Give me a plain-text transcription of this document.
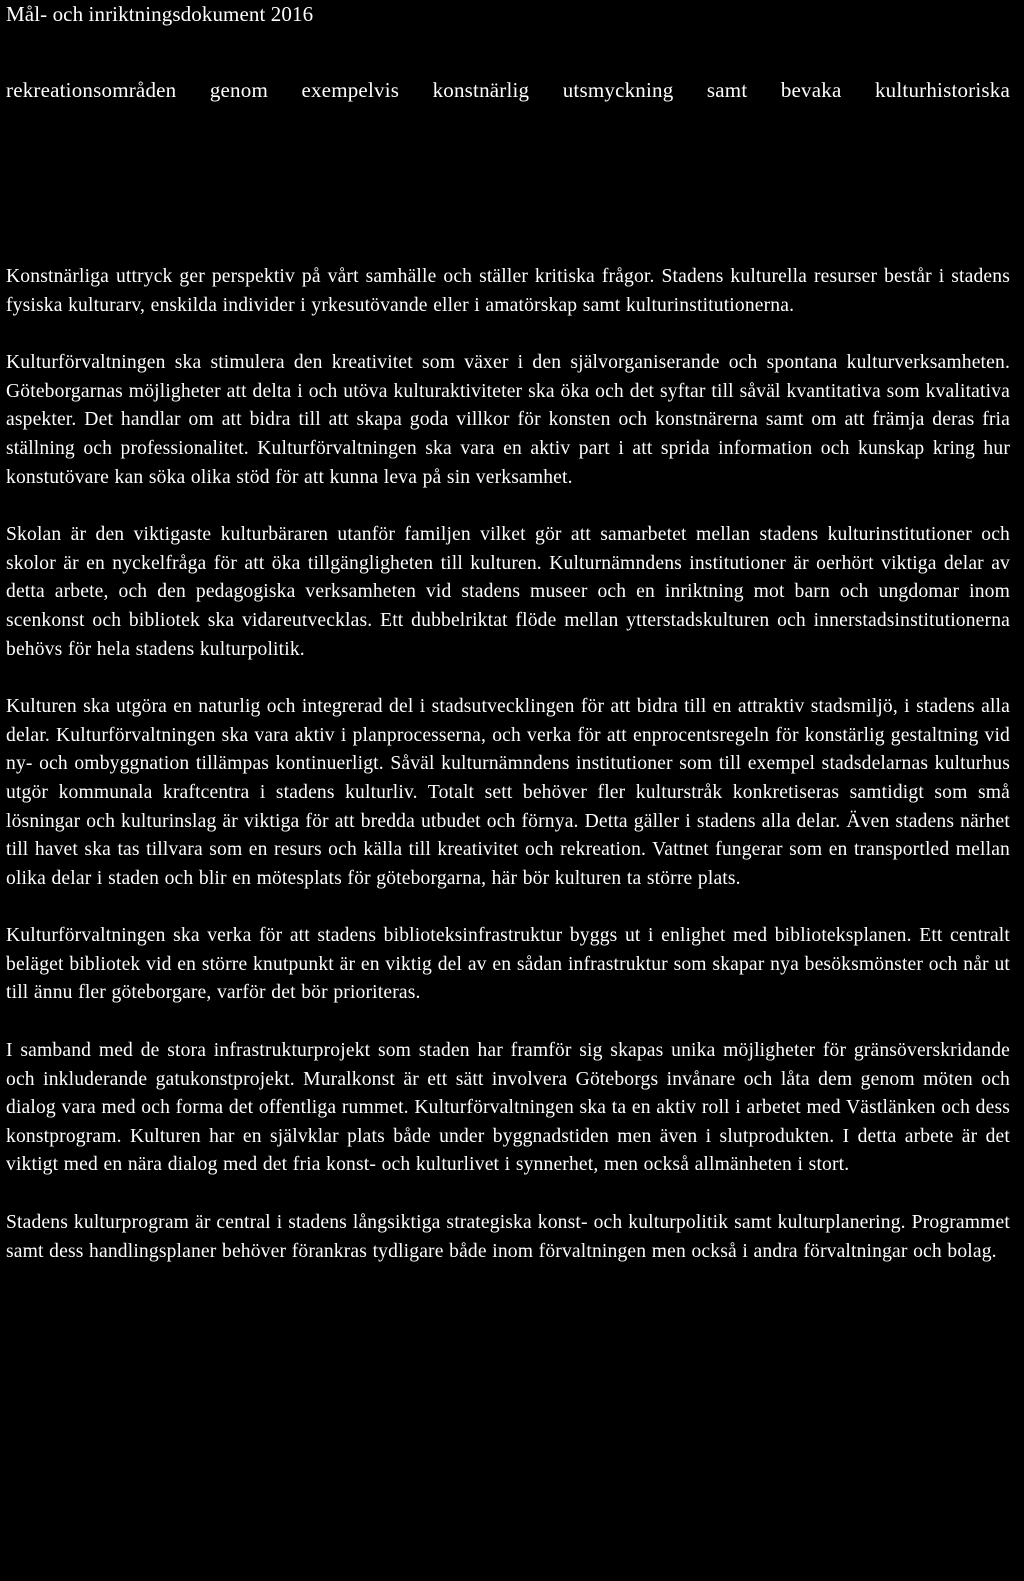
Mål- och inriktningsdokument 2016
rekreationsområden genom exempelvis konstnärlig utsmyckning samt bevaka kulturhistoriska

Konstnärliga uttryck ger perspektiv på vårt samhälle och ställer kritiska frågor. Stadens kulturella resurser består i stadens fysiska kulturarv, enskilda individer i yrkesutövande eller i amatörskap samt kulturinstitutionerna.

Kulturförvaltningen ska stimulera den kreativitet som växer i den självorganiserande och spontana kulturverksamheten. Göteborgarnas möjligheter att delta i och utöva kulturaktiviteter ska öka och det syftar till såväl kvantitativa som kvalitativa aspekter. Det handlar om att bidra till att skapa goda villkor för konsten och konstnärerna samt om att främja deras fria ställning och professionalitet. Kulturförvaltningen ska vara en aktiv part i att sprida information och kunskap kring hur konstutövare kan söka olika stöd för att kunna leva på sin verksamhet.

Skolan är den viktigaste kulturbäraren utanför familjen vilket gör att samarbetet mellan stadens kulturinstitutioner och skolor är en nyckelfråga för att öka tillgängligheten till kulturen. Kulturnämndens institutioner är oerhört viktiga delar av detta arbete, och den pedagogiska verksamheten vid stadens museer och en inriktning mot barn och ungdomar inom scenkonst och bibliotek ska vidareutvecklas. Ett dubbelriktat flöde mellan ytterstadskulturen och innerstadsinstitutionerna behövs för hela stadens kulturpolitik.

Kulturen ska utgöra en naturlig och integrerad del i stadsutvecklingen för att bidra till en attraktiv stadsmiljö, i stadens alla delar. Kulturförvaltningen ska vara aktiv i planprocesserna, och verka för att enprocentsregeln för konstärlig gestaltning vid ny- och ombyggnation tillämpas kontinuerligt. Såväl kulturnämndens institutioner som till exempel stadsdelarnas kulturhus utgör kommunala kraftcentra i stadens kulturliv. Totalt sett behöver fler kulturstråk konkretiseras samtidigt som små lösningar och kulturinslag är viktiga för att bredda utbudet och förnya. Detta gäller i stadens alla delar. Även stadens närhet till havet ska tas tillvara som en resurs och källa till kreativitet och rekreation. Vattnet fungerar som en transportled mellan olika delar i staden och blir en mötesplats för göteborgarna, här bör kulturen ta större plats.

Kulturförvaltningen ska verka för att stadens biblioteksinfrastruktur byggs ut i enlighet med biblioteksplanen. Ett centralt beläget bibliotek vid en större knutpunkt är en viktig del av en sådan infrastruktur som skapar nya besöksmönster och når ut till ännu fler göteborgare, varför det bör prioriteras.

I samband med de stora infrastrukturprojekt som staden har framför sig skapas unika möjligheter för gränsöverskridande och inkluderande gatukonstprojekt. Muralkonst är ett sätt involvera Göteborgs invånare och låta dem genom möten och dialog vara med och forma det offentliga rummet. Kulturförvaltningen ska ta en aktiv roll i arbetet med Västlänken och dess konstprogram. Kulturen har en självklar plats både under byggnadstiden men även i slutprodukten. I detta arbete är det viktigt med en nära dialog med det fria konst- och kulturlivet i synnerhet, men också allmänheten i stort.

Stadens kulturprogram är central i stadens långsiktiga strategiska konst- och kulturpolitik samt kulturplanering. Programmet samt dess handlingsplaner behöver förankras tydligare både inom förvaltningen men också i andra förvaltningar och bolag.
